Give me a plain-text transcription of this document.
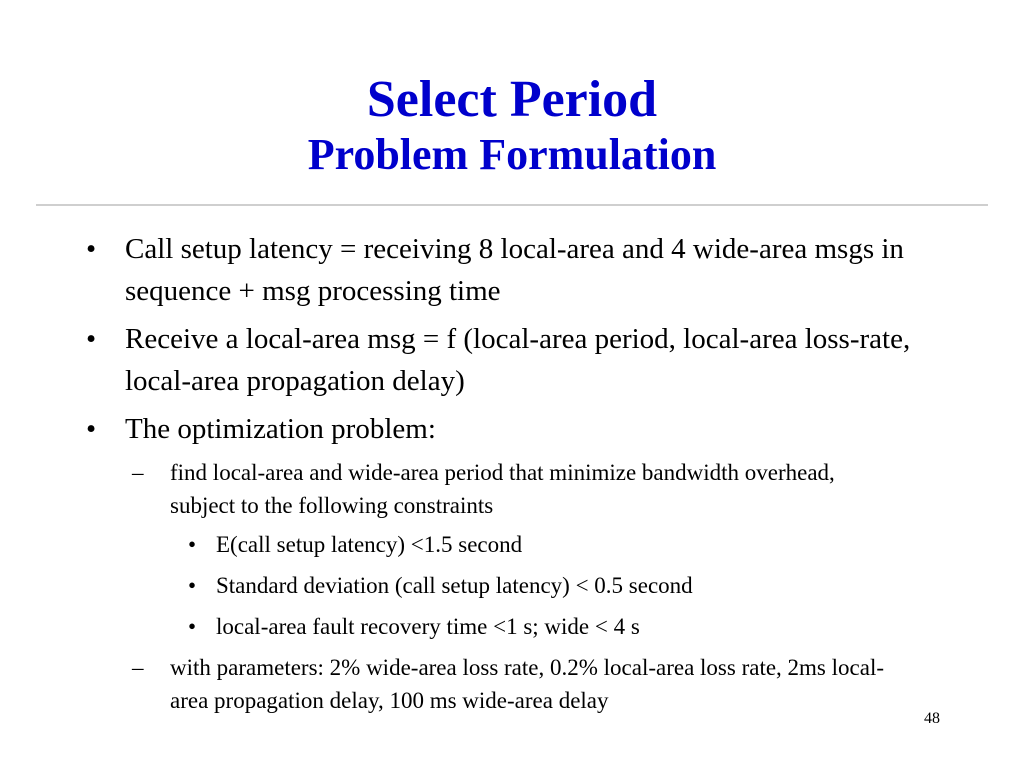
Select Period
Problem Formulation
• Call setup latency = receiving 8 local-area and 4 wide-area msgs in sequence + msg processing time
• Receive a local-area msg = f (local-area period, local-area loss-rate, local-area propagation delay)
• The optimization problem:
– find local-area and wide-area period that minimize bandwidth overhead, subject to the following constraints
• E(call setup latency) <1.5 second
• Standard deviation (call setup latency) < 0.5 second
• local-area fault recovery time <1 s; wide < 4 s
– with parameters: 2% wide-area loss rate, 0.2% local-area loss rate, 2ms local-area propagation delay, 100 ms wide-area delay
48
